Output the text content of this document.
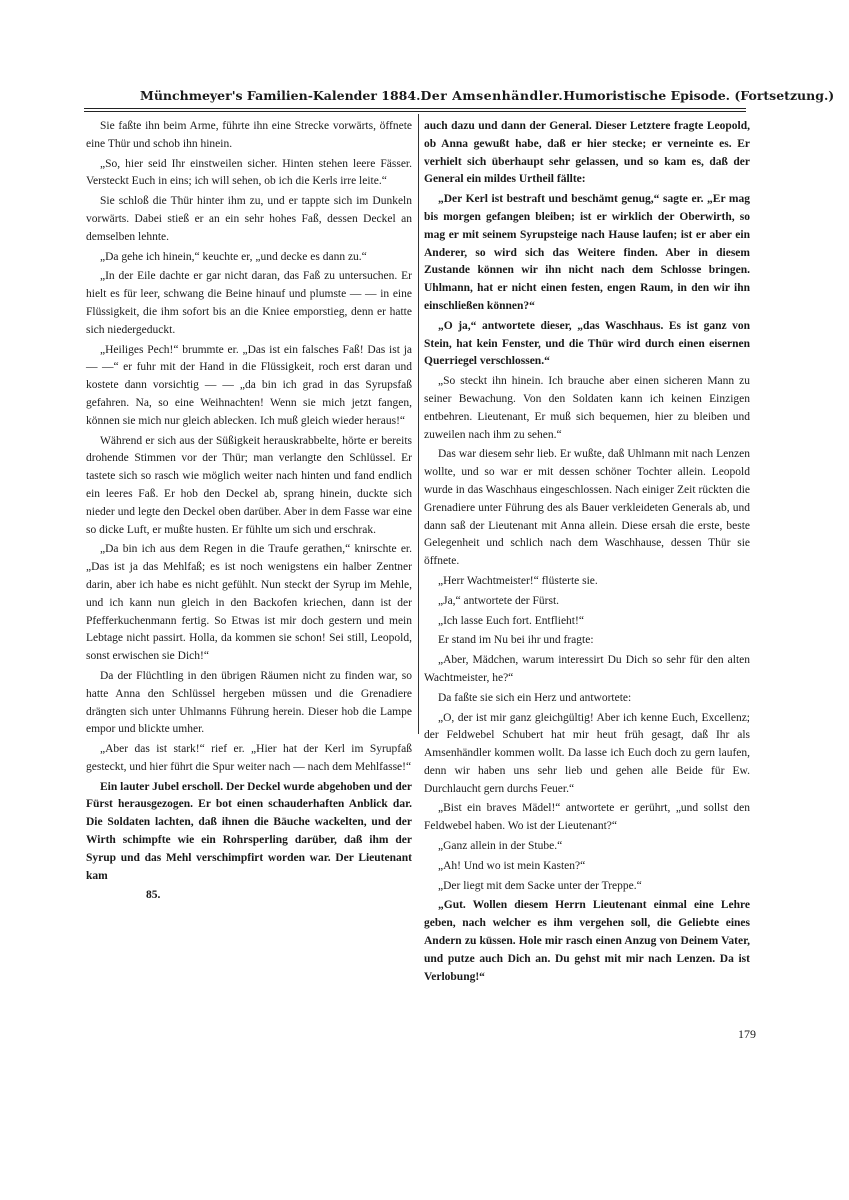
Münchmeyer's Familien-Kalender 1884. Der Amsenhändler. Humoristische Episode. (Fortsetzung.)

Sie faßte ihn beim Arme, führte ihn eine Strecke vorwärts, öffnete eine Thür und schob ihn hinein.

„So, hier seid Ihr einstweilen sicher. Hinten stehen leere Fässer. Versteckt Euch in eins; ich will sehen, ob ich die Kerls irre leite.“

Sie schloß die Thür hinter ihm zu, und er tappte sich im Dunkeln vorwärts. Dabei stieß er an ein sehr hohes Faß, dessen Deckel an demselben lehnte.

„Da gehe ich hinein,“ keuchte er, „und decke es dann zu.“

„In der Eile dachte er gar nicht daran, das Faß zu untersuchen. Er hielt es für leer, schwang die Beine hinauf und plumste — — in eine Flüssigkeit, die ihm sofort bis an die Kniee emporstieg, denn er hatte sich niedergeduckt.

„Heiliges Pech!“ brummte er. „Das ist ein falsches Faß! Das ist ja — —“ er fuhr mit der Hand in die Flüssigkeit, roch erst daran und kostete dann vorsichtig — — „da bin ich grad in das Syrupsfaß gefahren. Na, so eine Weihnachten! Wenn sie mich jetzt fangen, können sie mich nur gleich ablecken. Ich muß gleich wieder heraus!“

Während er sich aus der Süßigkeit herauskrabbelte, hörte er bereits drohende Stimmen vor der Thür; man verlangte den Schlüssel. Er tastete sich so rasch wie möglich weiter nach hinten und fand endlich ein leeres Faß. Er hob den Deckel ab, sprang hinein, duckte sich nieder und legte den Deckel oben darüber. Aber in dem Fasse war eine so dicke Luft, er mußte husten. Er fühlte um sich und erschrak.

„Da bin ich aus dem Regen in die Traufe gerathen,“ knirschte er. „Das ist ja das Mehlfaß; es ist noch wenigstens ein halber Zentner darin, aber ich habe es nicht gefühlt. Nun steckt der Syrup im Mehle, und ich kann nun gleich in den Backofen kriechen, dann ist der Pfefferkuchenmann fertig. So Etwas ist mir doch gestern und mein Lebtage nicht passirt. Holla, da kommen sie schon! Sei still, Leopold, sonst erwischen sie Dich!“

Da der Flüchtling in den übrigen Räumen nicht zu finden war, so hatte Anna den Schlüssel hergeben müssen und die Grenadiere drängten sich unter Uhlmanns Führung herein. Dieser hob die Lampe empor und blickte umher.

„Aber das ist stark!“ rief er. „Hier hat der Kerl im Syrupfaß gesteckt, und hier führt die Spur weiter nach — nach dem Mehlfasse!“

Ein lauter Jubel erscholl. Der Deckel wurde abgehoben und der Fürst herausgezogen. Er bot einen schauderhaften Anblick dar. Die Soldaten lachten, daß ihnen die Bäuche wackelten, und der Wirth schimpfte wie ein Rohrsperling darüber, daß ihm der Syrup und das Mehl verschimpfirt worden war. Der Lieutenant kam

85.

auch dazu und dann der General. Dieser Letztere fragte Leopold, ob Anna gewußt habe, daß er hier stecke; er verneinte es. Er verhielt sich überhaupt sehr gelassen, und so kam es, daß der General ein mildes Urtheil fällte:

„Der Kerl ist bestraft und beschämt genug,“ sagte er. „Er mag bis morgen gefangen bleiben; ist er wirklich der Oberwirth, so mag er mit seinem Syrupsteige nach Hause laufen; ist er aber ein Anderer, so wird sich das Weitere finden. Aber in diesem Zustande können wir ihn nicht nach dem Schlosse bringen. Uhlmann, hat er nicht einen festen, engen Raum, in den wir ihn einschließen können?“

„O ja,“ antwortete dieser, „das Waschhaus. Es ist ganz von Stein, hat kein Fenster, und die Thür wird durch einen eisernen Querriegel verschlossen.“

„So steckt ihn hinein. Ich brauche aber einen sicheren Mann zu seiner Bewachung. Von den Soldaten kann ich keinen Einzigen entbehren. Lieutenant, Er muß sich bequemen, hier zu bleiben und zuweilen nach ihm zu sehen.“

Das war diesem sehr lieb. Er wußte, daß Uhlmann mit nach Lenzen wollte, und so war er mit dessen schöner Tochter allein. Leopold wurde in das Waschhaus eingeschlossen. Nach einiger Zeit rückten die Grenadiere unter Führung des als Bauer verkleideten Generals ab, und dann saß der Lieutenant mit Anna allein. Diese ersah die erste, beste Gelegenheit und schlich nach dem Waschhause, dessen Thür sie öffnete.

„Herr Wachtmeister!“ flüsterte sie.

„Ja,“ antwortete der Fürst.

„Ich lasse Euch fort. Entflieht!“

Er stand im Nu bei ihr und fragte:

„Aber, Mädchen, warum interessirt Du Dich so sehr für den alten Wachtmeister, he?“

Da faßte sie sich ein Herz und antwortete:

„O, der ist mir ganz gleichgültig! Aber ich kenne Euch, Excellenz; der Feldwebel Schubert hat mir heut früh gesagt, daß Ihr als Amsenhändler kommen wollt. Da lasse ich Euch doch zu gern laufen, denn wir haben uns sehr lieb und gehen alle Beide für Ew. Durchlaucht gern durchs Feuer.“

„Bist ein braves Mädel!“ antwortete er gerührt, „und sollst den Feldwebel haben. Wo ist der Lieutenant?“

„Ganz allein in der Stube.“

„Ah! Und wo ist mein Kasten?“

„Der liegt mit dem Sacke unter der Treppe.“

„Gut. Wollen diesem Herrn Lieutenant einmal eine Lehre geben, nach welcher es ihm vergehen soll, die Geliebte eines Andern zu küssen. Hole mir rasch einen Anzug von Deinem Vater, und putze auch Dich an. Du gehst mit mir nach Lenzen. Da ist Verlobung!“

179
